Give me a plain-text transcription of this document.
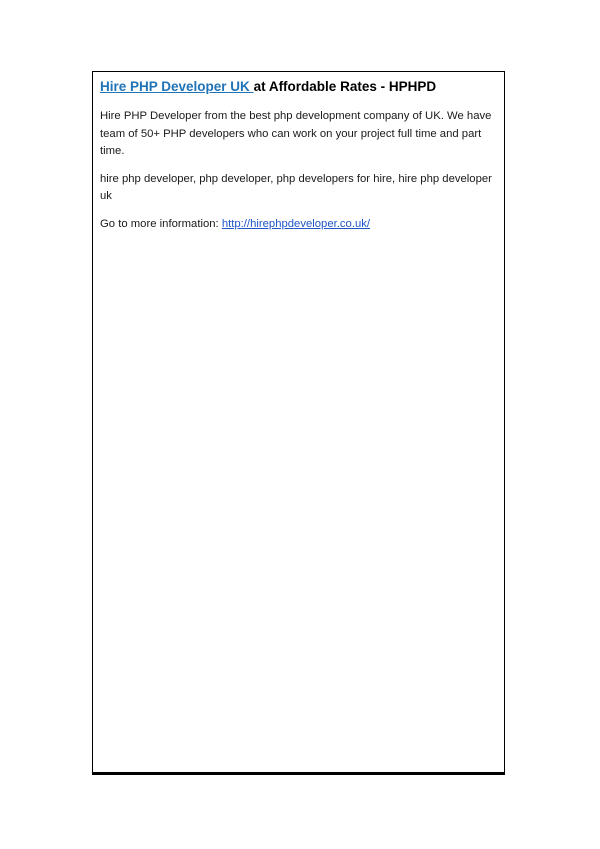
Hire PHP Developer UK at Affordable Rates - HPHPD

Hire PHP Developer from the best php development company of UK. We have team of 50+ PHP developers who can work on your project full time and part time.

hire php developer, php developer, php developers for hire, hire php developer uk

Go to more information: http://hirephpdeveloper.co.uk/
